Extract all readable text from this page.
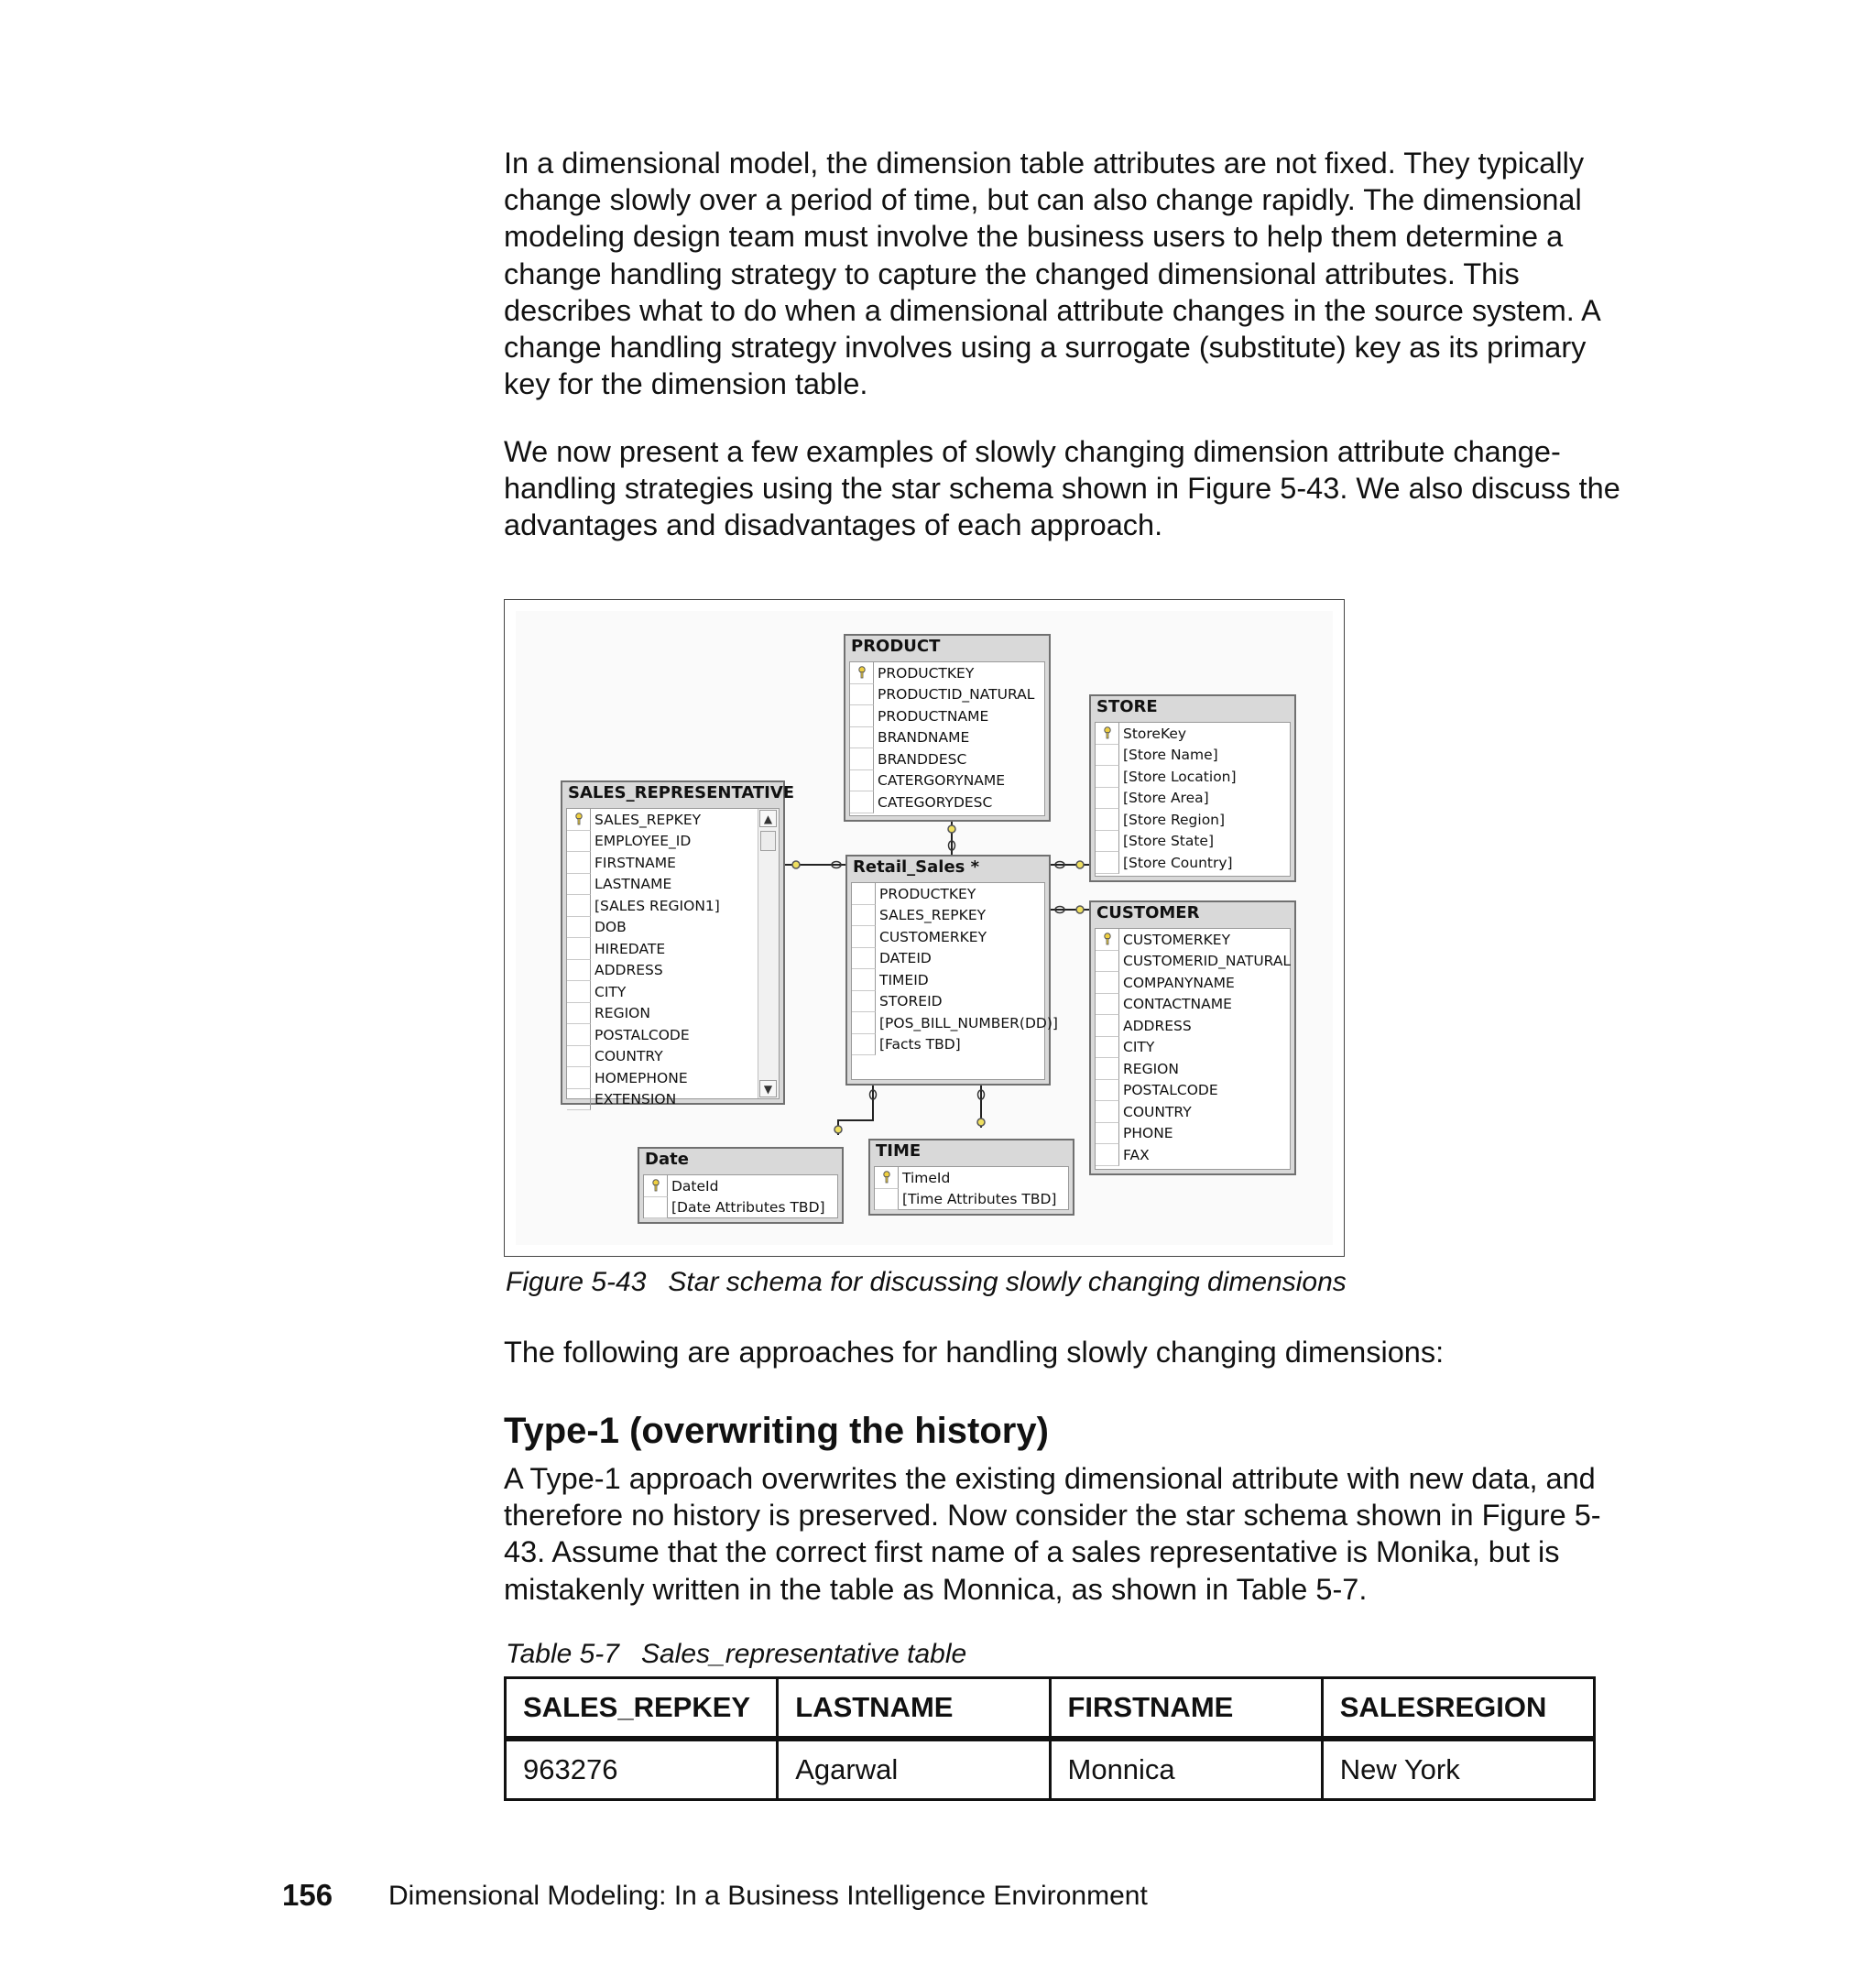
In a dimensional model, the dimension table attributes are not fixed. They typically change slowly over a period of time, but can also change rapidly. The dimensional modeling design team must involve the business users to help them determine a change handling strategy to capture the changed dimensional attributes. This describes what to do when a dimensional attribute changes in the source system. A change handling strategy involves using a surrogate (substitute) key as its primary key for the dimension table.

We now present a few examples of slowly changing dimension attribute change-handling strategies using the star schema shown in Figure 5-43. We also discuss the advantages and disadvantages of each approach.

PRODUCT
PRODUCTKEY
PRODUCTID_NATURAL
PRODUCTNAME
BRANDNAME
BRANDDESC
CATERGORYNAME
CATEGORYDESC
STORE
StoreKey
[Store Name]
[Store Location]
[Store Area]
[Store Region]
[Store State]
[Store Country]
SALES_REPRESENTATIVE
SALES_REPKEY
EMPLOYEE_ID
FIRSTNAME
LASTNAME
[SALES REGION1]
DOB
HIREDATE
ADDRESS
CITY
REGION
POSTALCODE
COUNTRY
HOMEPHONE
EXTENSION
▲
▼
Retail_Sales *
PRODUCTKEY
SALES_REPKEY
CUSTOMERKEY
DATEID
TIMEID
STOREID
[POS_BILL_NUMBER(DD)]
[Facts TBD]
CUSTOMER
CUSTOMERKEY
CUSTOMERID_NATURAL
COMPANYNAME
CONTACTNAME
ADDRESS
CITY
REGION
POSTALCODE
COUNTRY
PHONE
FAX
Date
DateId
[Date Attributes TBD]
TIME
TimeId
[Time Attributes TBD]

Figure 5-43 Star schema for discussing slowly changing dimensions

The following are approaches for handling slowly changing dimensions:

Type-1 (overwriting the history)

A Type-1 approach overwrites the existing dimensional attribute with new data, and therefore no history is preserved. Now consider the star schema shown in Figure 5-43. Assume that the correct first name of a sales representative is Monika, but is mistakenly written in the table as Monnica, as shown in Table 5-7.

Table 5-7 Sales_representative table

SALES_REPKEY	LASTNAME	FIRSTNAME	SALESREGION
963276	Agarwal	Monnica	New York
156 Dimensional Modeling: In a Business Intelligence Environment
